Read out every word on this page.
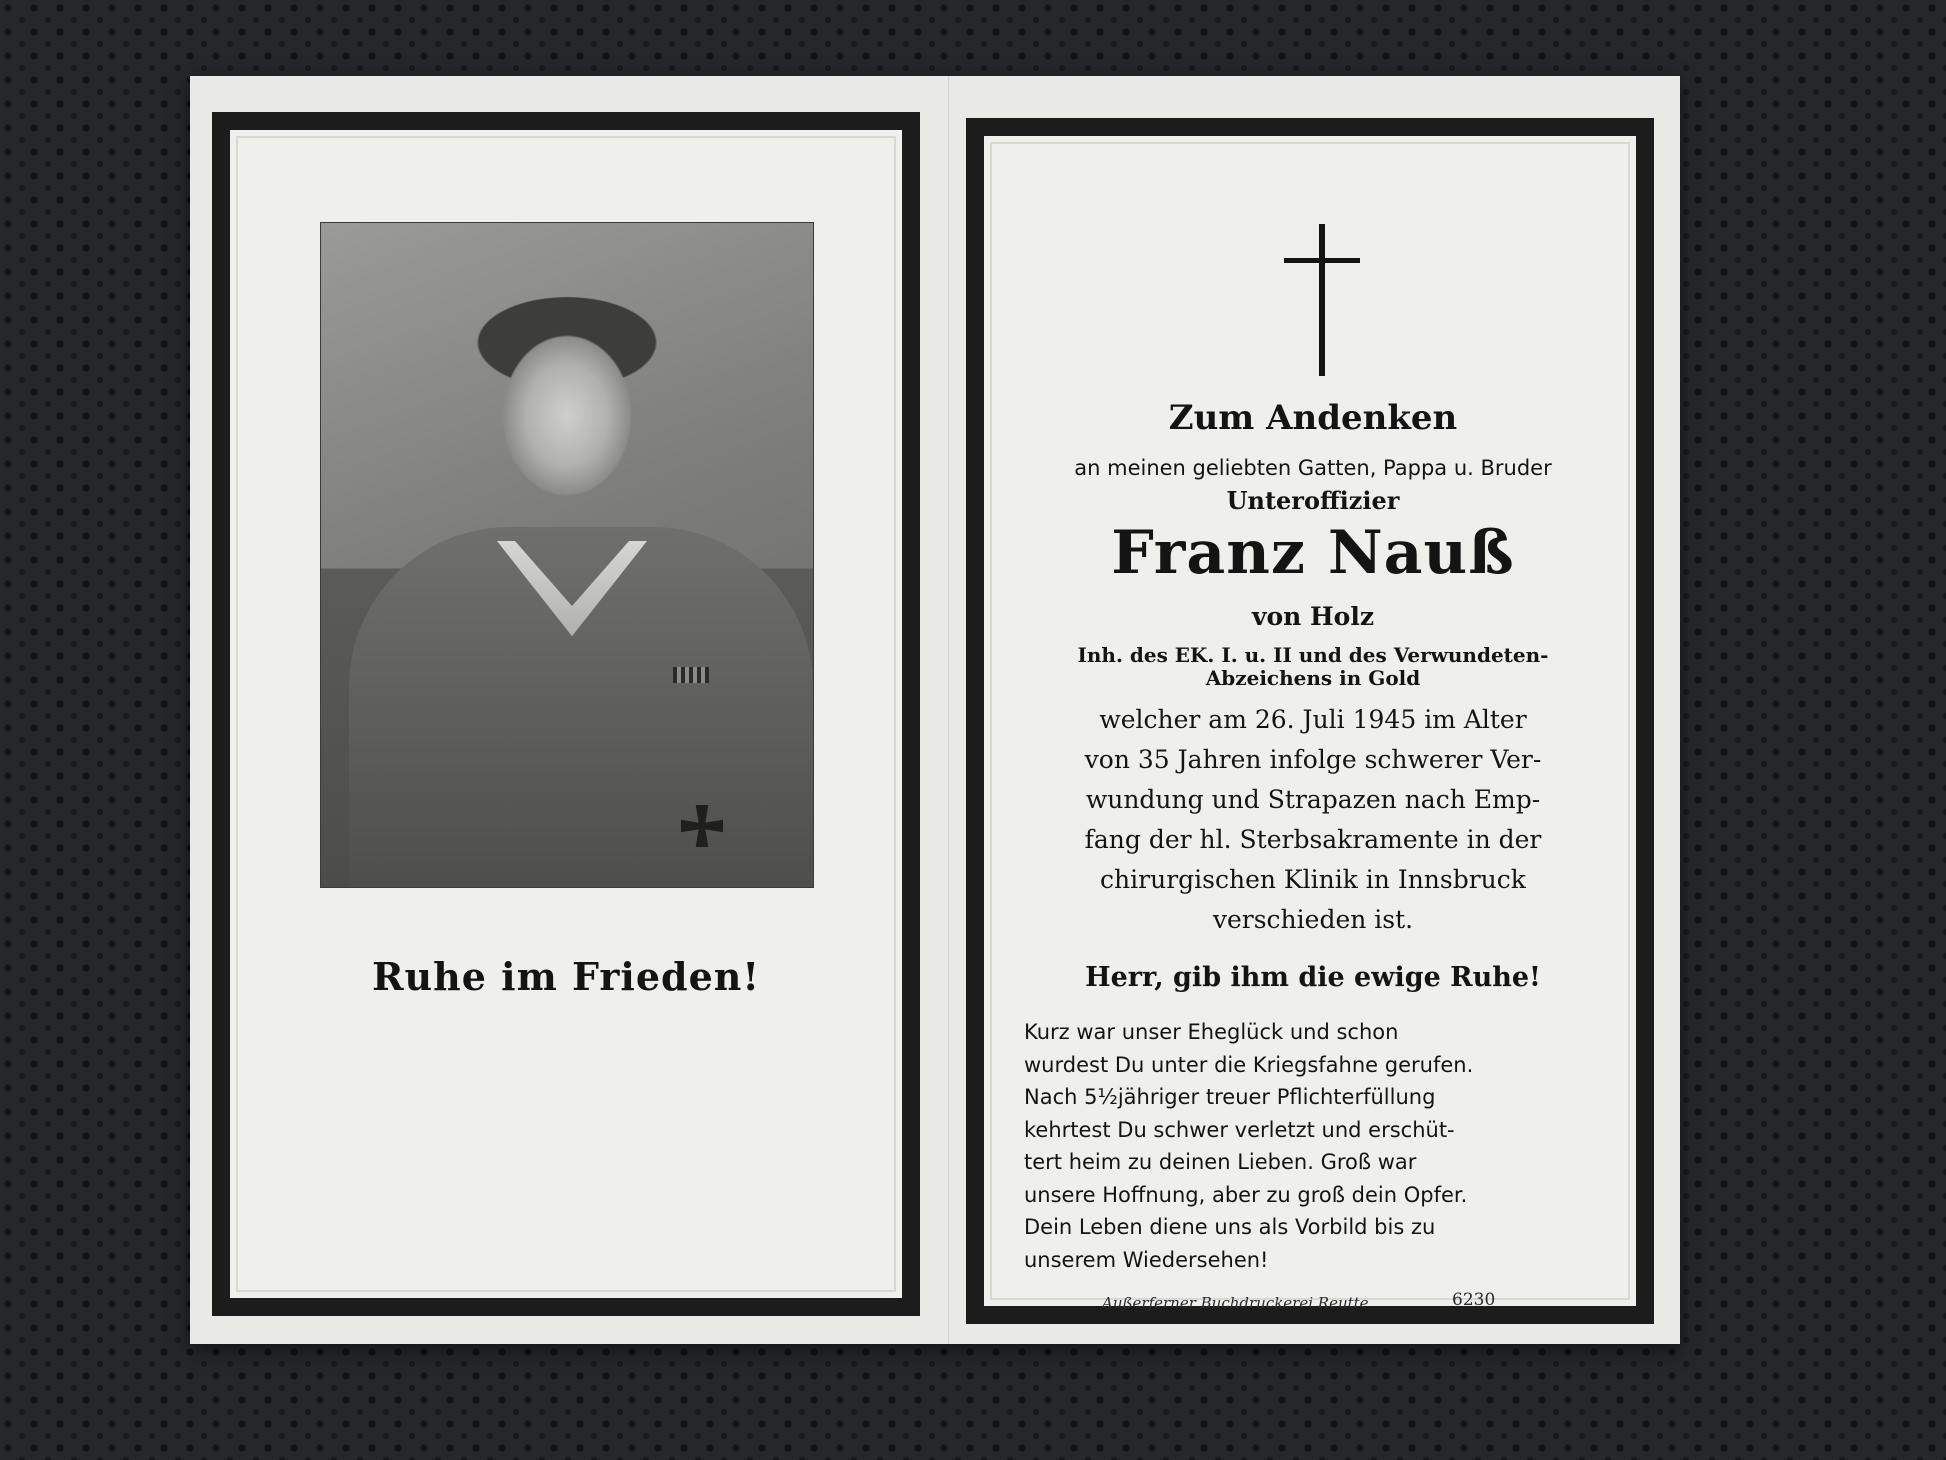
Ruhe im Frieden!
Zum Andenken
an meinen geliebten Gatten, Pappa u. Bruder
Unteroffizier
Franz Nauß
von Holz
Inh. des EK. I. u. II und des Verwundeten-
Abzeichens in Gold
welcher am 26. Juli 1945 im Alter
von 35 Jahren infolge schwerer Ver-
wundung und Strapazen nach Emp-
fang der hl. Sterbsakramente in der
chirurgischen Klinik in Innsbruck
verschieden ist.
Herr, gib ihm die ewige Ruhe!
Kurz war unser Eheglück und schon
wurdest Du unter die Kriegsfahne gerufen.
Nach 5½jähriger treuer Pflichterfüllung
kehrtest Du schwer verletzt und erschüt-
tert heim zu deinen Lieben. Groß war
unsere Hoffnung, aber zu groß dein Opfer.
Dein Leben diene uns als Vorbild bis zu
unserem Wiedersehen!
Außerferner Buchdruckerei Reutte	6230
